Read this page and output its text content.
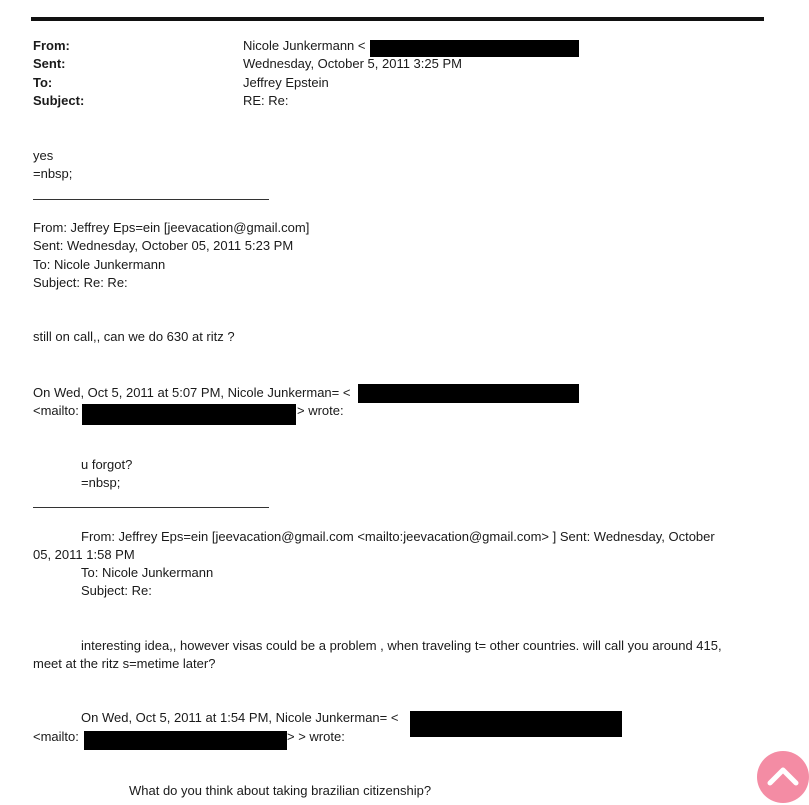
From:	Nicole Junkermann <
Sent:	Wednesday, October 5, 2011 3:25 PM
To:	Jeffrey Epstein
Subject:	RE: Re:
yes
=nbsp;
From: Jeffrey Eps=ein [jeevacation@gmail.com]
Sent: Wednesday, October 05, 2011 5:23 PM
To: Nicole Junkermann
Subject: Re: Re:
still on call,, can we do 630 at ritz ?
On Wed, Oct 5, 2011 at 5:07 PM, Nicole Junkerman= <
<mailto:	> wrote:
u forgot?
=nbsp;
From: Jeffrey Eps=ein [jeevacation@gmail.com <mailto:jeevacation@gmail.com> ] Sent: Wednesday, October
05, 2011 1:58 PM
To: Nicole Junkermann
Subject: Re:
interesting idea,, however visas could be a problem , when traveling t= other countries. will call you around 415,
meet at the ritz s=metime later?
On Wed, Oct 5, 2011 at 1:54 PM, Nicole Junkerman= <
<mailto:	> > wrote:
What do you think about taking brazilian citizenship?
